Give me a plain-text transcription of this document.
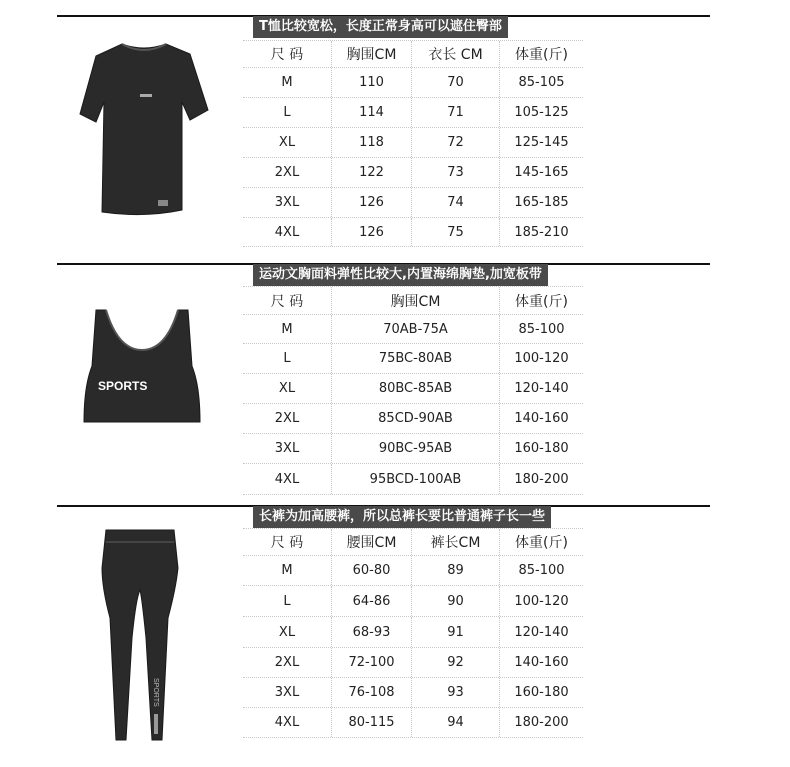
T恤比较宽松，长度正常身高可以遮住臀部
尺 码	胸围CM	衣长 CM	体重(斤)
M	110	70	85-105
L	114	71	105-125
XL	118	72	125-145
2XL	122	73	145-165
3XL	126	74	165-185
4XL	126	75	185-210
运动文胸面料弹性比较大,内置海绵胸垫,加宽板带
SPORTS
尺 码	胸围CM	体重(斤)
M	70AB-75A	85-100
L	75BC-80AB	100-120
XL	80BC-85AB	120-140
2XL	85CD-90AB	140-160
3XL	90BC-95AB	160-180
4XL	95BCD-100AB	180-200
长裤为加高腰裤，所以总裤长要比普通裤子长一些
SPORTS
尺 码	腰围CM	裤长CM	体重(斤)
M	60-80	89	85-100
L	64-86	90	100-120
XL	68-93	91	120-140
2XL	72-100	92	140-160
3XL	76-108	93	160-180
4XL	80-115	94	180-200
